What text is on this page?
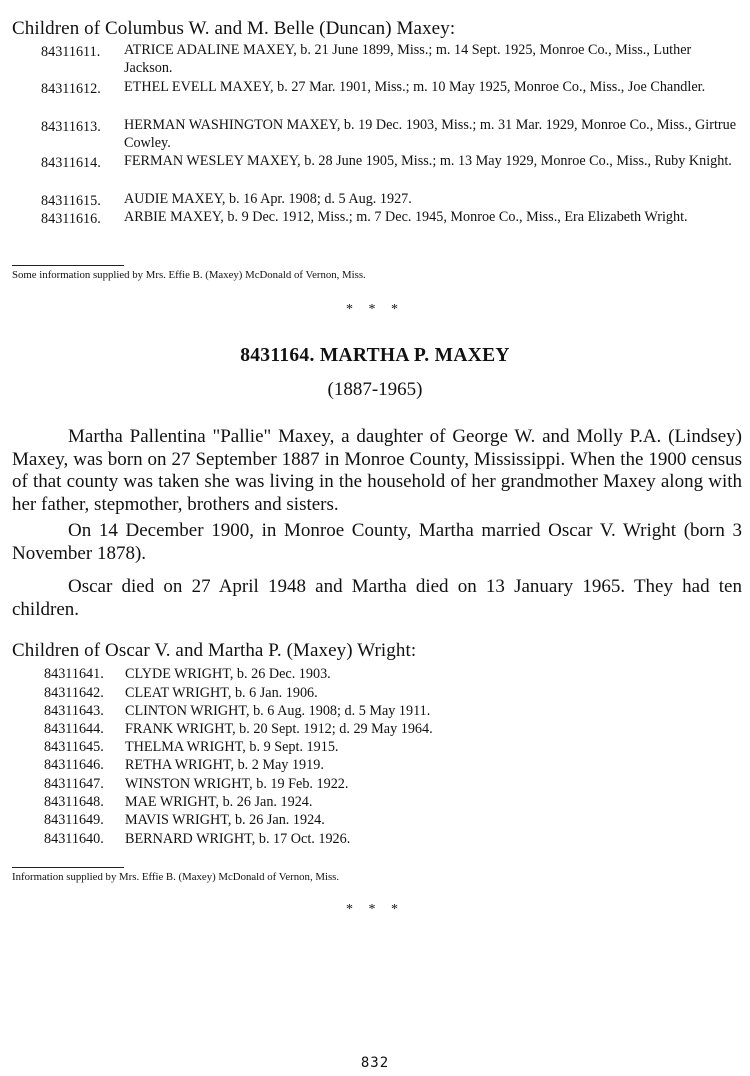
Children of Columbus W. and M. Belle (Duncan) Maxey:
84311611. ATRICE ADALINE MAXEY, b. 21 June 1899, Miss.; m. 14 Sept. 1925, Monroe Co., Miss., Luther Jackson.
84311612. ETHEL EVELL MAXEY, b. 27 Mar. 1901, Miss.; m. 10 May 1925, Monroe Co., Miss., Joe Chandler.
84311613. HERMAN WASHINGTON MAXEY, b. 19 Dec. 1903, Miss.; m. 31 Mar. 1929, Monroe Co., Miss., Girtrue Cowley.
84311614. FERMAN WESLEY MAXEY, b. 28 June 1905, Miss.; m. 13 May 1929, Monroe Co., Miss., Ruby Knight.
84311615. AUDIE MAXEY, b. 16 Apr. 1908; d. 5 Aug. 1927.
84311616. ARBIE MAXEY, b. 9 Dec. 1912, Miss.; m. 7 Dec. 1945, Monroe Co., Miss., Era Elizabeth Wright.
Some information supplied by Mrs. Effie B. (Maxey) McDonald of Vernon, Miss.
* * *
8431164. MARTHA P. MAXEY
(1887-1965)
Martha Pallentina "Pallie" Maxey, a daughter of George W. and Molly P.A. (Lindsey) Maxey, was born on 27 September 1887 in Monroe County, Mississippi. When the 1900 census of that county was taken she was living in the household of her grandmother Maxey along with her father, stepmother, brothers and sisters.
On 14 December 1900, in Monroe County, Martha married Oscar V. Wright (born 3 November 1878).
Oscar died on 27 April 1948 and Martha died on 13 January 1965. They had ten children.
Children of Oscar V. and Martha P. (Maxey) Wright:
84311641. CLYDE WRIGHT, b. 26 Dec. 1903.
84311642. CLEAT WRIGHT, b. 6 Jan. 1906.
84311643. CLINTON WRIGHT, b. 6 Aug. 1908; d. 5 May 1911.
84311644. FRANK WRIGHT, b. 20 Sept. 1912; d. 29 May 1964.
84311645. THELMA WRIGHT, b. 9 Sept. 1915.
84311646. RETHA WRIGHT, b. 2 May 1919.
84311647. WINSTON WRIGHT, b. 19 Feb. 1922.
84311648. MAE WRIGHT, b. 26 Jan. 1924.
84311649. MAVIS WRIGHT, b. 26 Jan. 1924.
84311640. BERNARD WRIGHT, b. 17 Oct. 1926.
Information supplied by Mrs. Effie B. (Maxey) McDonald of Vernon, Miss.
* * *
832
